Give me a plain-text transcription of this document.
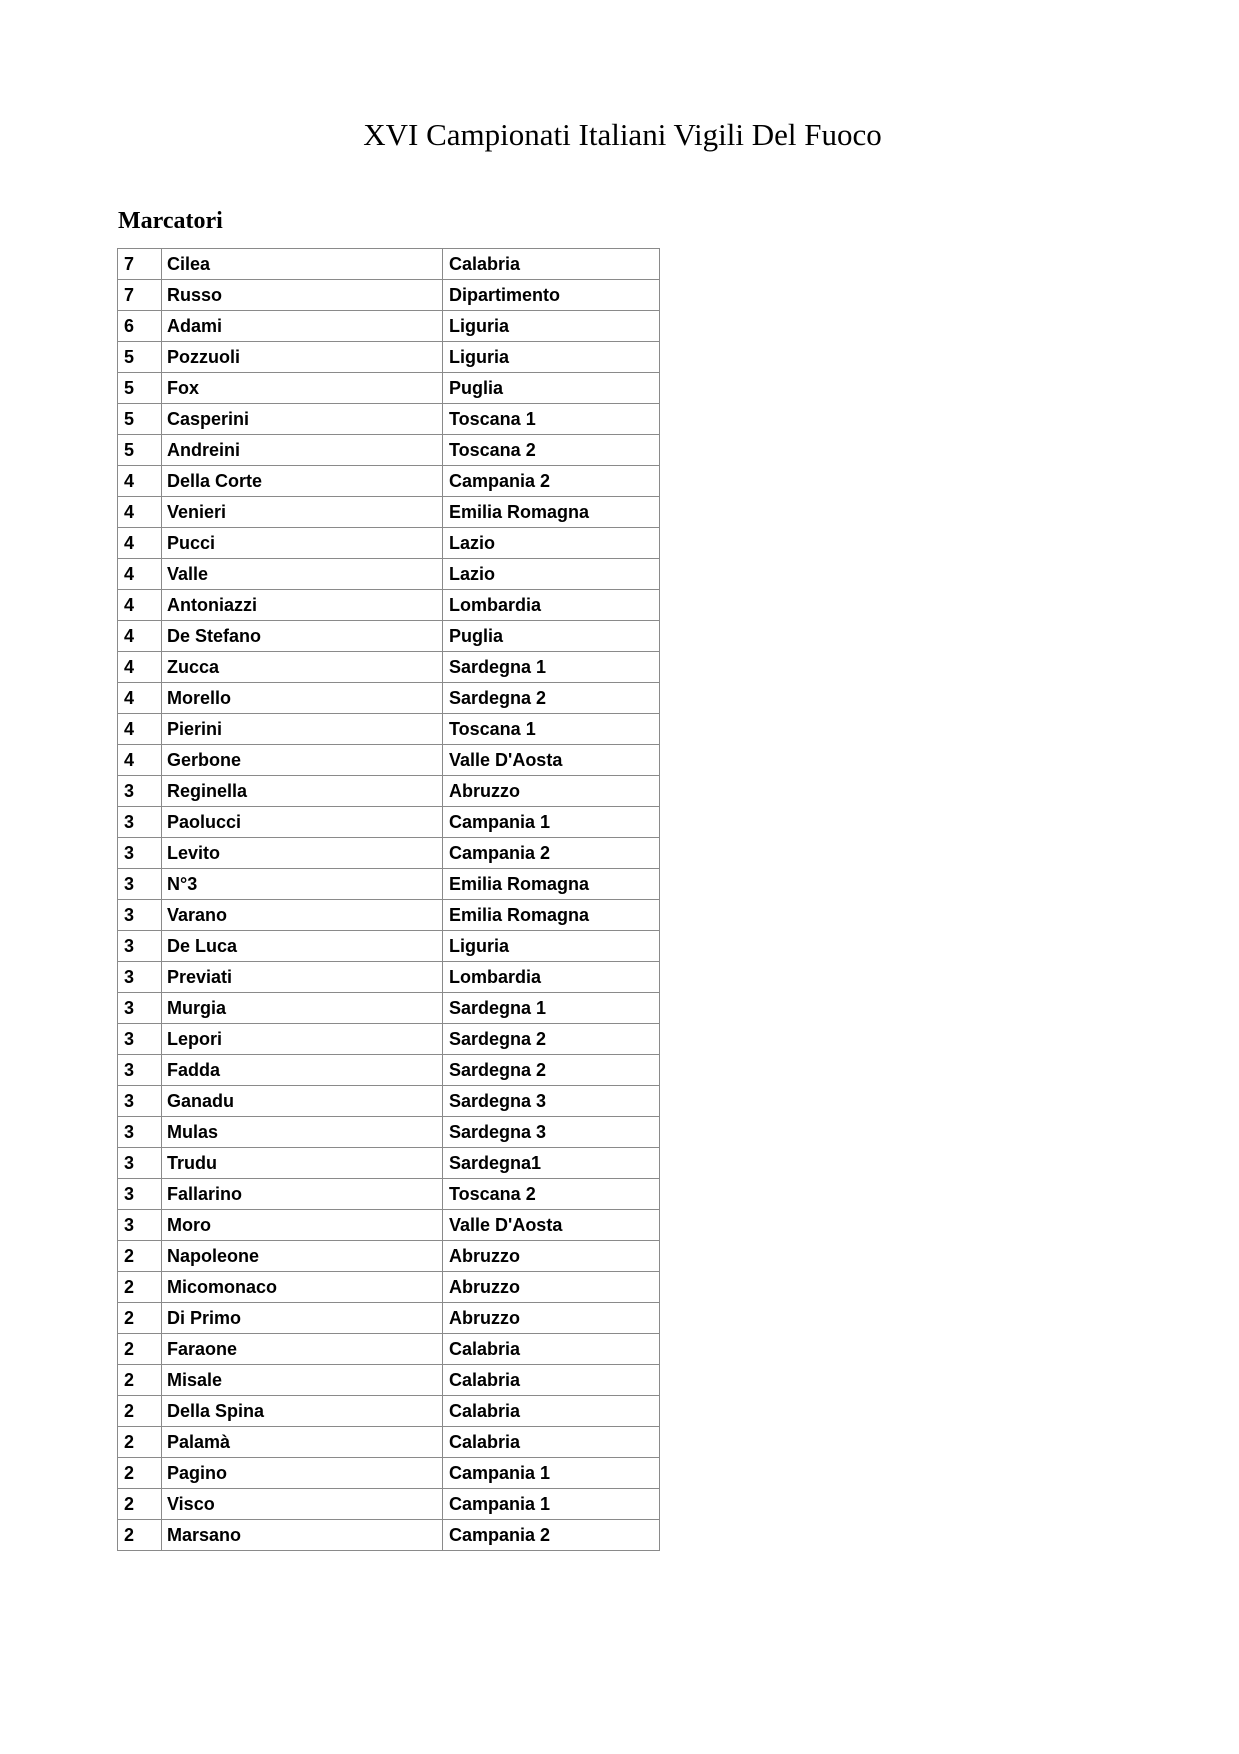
XVI Campionati Italiani Vigili Del Fuoco
Marcatori
7	Cilea	Calabria
7	Russo	Dipartimento
6	Adami	Liguria
5	Pozzuoli	Liguria
5	Fox	Puglia
5	Casperini	Toscana 1
5	Andreini	Toscana 2
4	Della Corte	Campania 2
4	Venieri	Emilia Romagna
4	Pucci	Lazio
4	Valle	Lazio
4	Antoniazzi	Lombardia
4	De Stefano	Puglia
4	Zucca	Sardegna 1
4	Morello	Sardegna 2
4	Pierini	Toscana 1
4	Gerbone	Valle D'Aosta
3	Reginella	Abruzzo
3	Paolucci	Campania 1
3	Levito	Campania 2
3	N°3	Emilia Romagna
3	Varano	Emilia Romagna
3	De Luca	Liguria
3	Previati	Lombardia
3	Murgia	Sardegna 1
3	Lepori	Sardegna 2
3	Fadda	Sardegna 2
3	Ganadu	Sardegna 3
3	Mulas	Sardegna 3
3	Trudu	Sardegna1
3	Fallarino	Toscana 2
3	Moro	Valle D'Aosta
2	Napoleone	Abruzzo
2	Micomonaco	Abruzzo
2	Di Primo	Abruzzo
2	Faraone	Calabria
2	Misale	Calabria
2	Della Spina	Calabria
2	Palamà	Calabria
2	Pagino	Campania 1
2	Visco	Campania 1
2	Marsano	Campania 2
